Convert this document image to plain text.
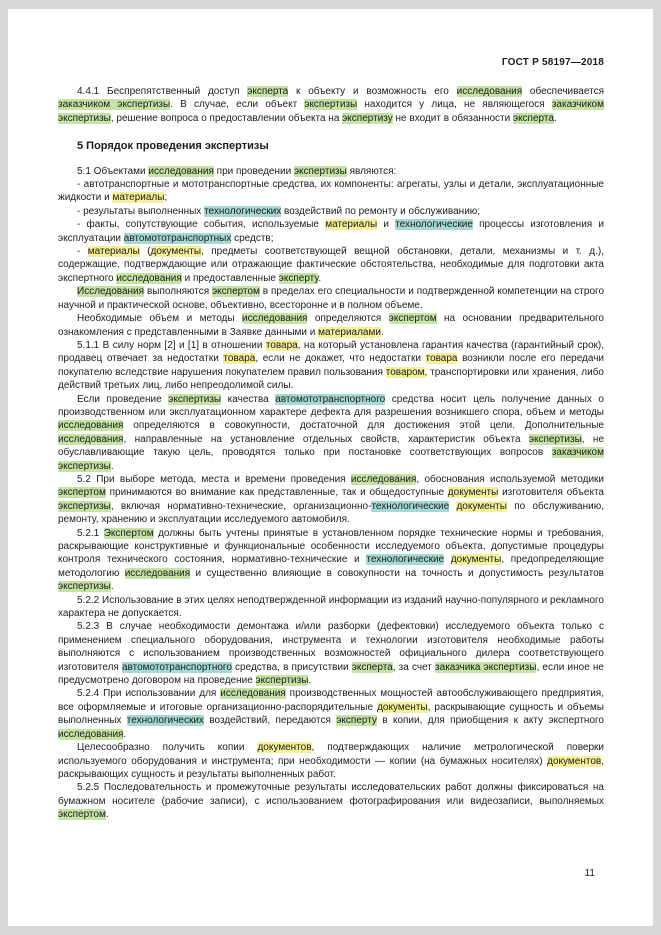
ГОСТ Р 58197—2018

4.4.1 Беспрепятственный доступ эксперта к объекту и возможность его исследования обеспечивается заказчиком экспертизы. В случае, если объект экспертизы находится у лица, не являющегося заказчиком экспертизы, решение вопроса о предоставлении объекта на экспертизу не входит в обязанности эксперта.

5 Порядок проведения экспертизы

5.1 Объектами исследования при проведении экспертизы являются:

- автотранспортные и мототранспортные средства, их компоненты: агрегаты, узлы и детали, эксплуатационные жидкости и материалы;

- результаты выполненных технологических воздействий по ремонту и обслуживанию;

- факты, сопутствующие события, используемые материалы и технологические процессы изготовления и эксплуатации автомототранспортных средств;

- материалы (документы, предметы соответствующей вещной обстановки, детали, механизмы и т. д.), содержащие, подтверждающие или отражающие фактические обстоятельства, необходимые для подготовки акта экспертного исследования и предоставленные эксперту.

Исследования выполняются экспертом в пределах его специальности и подтвержденной компетенции на строго научной и практической основе, объективно, всесторонне и в полном объеме.

Необходимые объем и методы исследования определяются экспертом на основании предварительного ознакомления с представленными в Заявке данными и материалами.

5.1.1 В силу норм [2] и [1] в отношении товара, на который установлена гарантия качества (гарантийный срок), продавец отвечает за недостатки товара, если не докажет, что недостатки товара возникли после его передачи покупателю вследствие нарушения покупателем правил пользования товаром, транспортировки или хранения, либо действий третьих лиц, либо непреодолимой силы.

Если проведение экспертизы качества автомототранспортного средства носит цель получение данных о производственном или эксплуатационном характере дефекта для разрешения возникшего спора, объем и методы исследования определяются в совокупности, достаточной для достижения этой цели. Дополнительные исследования, направленные на установление отдельных свойств, характеристик объекта экспертизы, не обуславливающие такую цель, проводятся только при постановке соответствующих вопросов заказчиком экспертизы.

5.2 При выборе метода, места и времени проведения исследования, обоснования используемой методики экспертом принимаются во внимание как представленные, так и общедоступные документы изготовителя объекта экспертизы, включая нормативно-технические, организационно-технологические документы по обслуживанию, ремонту, хранению и эксплуатации исследуемого автомобиля.

5.2.1 Экспертом должны быть учтены принятые в установленном порядке технические нормы и требования, раскрывающие конструктивные и функциональные особенности исследуемого объекта, допустимые процедуры контроля технического состояния, нормативно-технические и технологические документы, предопределяющие методологию исследования и существенно влияющие в совокупности на точность и допустимость результатов экспертизы.

5.2.2 Использование в этих целях неподтвержденной информации из изданий научно-популярного и рекламного характера не допускается.

5.2.3 В случае необходимости демонтажа и/или разборки (дефектовки) исследуемого объекта только с применением специального оборудования, инструмента и технологии изготовителя необходимые работы выполняются с использованием производственных возможностей официального дилера соответствующего изготовителя автомототранспортного средства, в присутствии эксперта, за счет заказчика экспертизы, если иное не предусмотрено договором на проведение экспертизы.

5.2.4 При использовании для исследования производственных мощностей автообслуживающего предприятия, все оформляемые и итоговые организационно-распорядительные документы, раскрывающие сущность и объемы выполненных технологических воздействий, передаются эксперту в копии, для приобщения к акту экспертного исследования.

Целесообразно получить копии документов, подтверждающих наличие метрологической поверки используемого оборудования и инструмента; при необходимости — копии (на бумажных носителях) документов, раскрывающих сущность и результаты выполненных работ.

5.2.5 Последовательность и промежуточные результаты исследовательских работ должны фиксироваться на бумажном носителе (рабочие записи), с использованием фотографирования или видеозаписи, выполняемых экспертом.

11
